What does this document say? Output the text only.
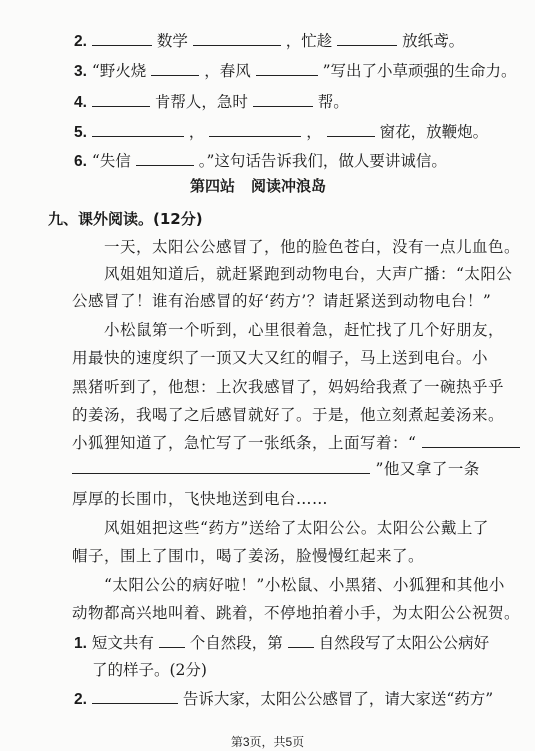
2.	数学	，忙趁	放纸鸢。
3. “野火烧	，春风	”写出了小草顽强的生命力。
4.	肯帮人，急时	帮。
5.	，	，	窗花，放鞭炮。
6. “失信	。”这句话告诉我们，做人要讲诚信。
第四站 阅读冲浪岛
九、课外阅读。(12分)
一天，太阳公公感冒了，他的脸色苍白，没有一点儿血色。
风姐姐知道后，就赶紧跑到动物电台，大声广播：“太阳公
公感冒了！谁有治感冒的好‘药方’？请赶紧送到动物电台！”
小松鼠第一个听到，心里很着急，赶忙找了几个好朋友，
用最快的速度织了一顶又大又红的帽子，马上送到电台。小
黑猪听到了，他想：上次我感冒了，妈妈给我煮了一碗热乎乎
的姜汤，我喝了之后感冒就好了。于是，他立刻煮起姜汤来。
小狐狸知道了，急忙写了一张纸条，上面写着：“
”他又拿了一条
厚厚的长围巾，飞快地送到电台……
风姐姐把这些“药方”送给了太阳公公。太阳公公戴上了
帽子，围上了围巾，喝了姜汤，脸慢慢红起来了。
“太阳公公的病好啦！”小松鼠、小黑猪、小狐狸和其他小
动物都高兴地叫着、跳着，不停地拍着小手，为太阳公公祝贺。
1. 短文共有 个自然段，第 自然段写了太阳公公病好
了的样子。(2分)
2.	告诉大家，太阳公公感冒了，请大家送“药方”
第3页，共5页
